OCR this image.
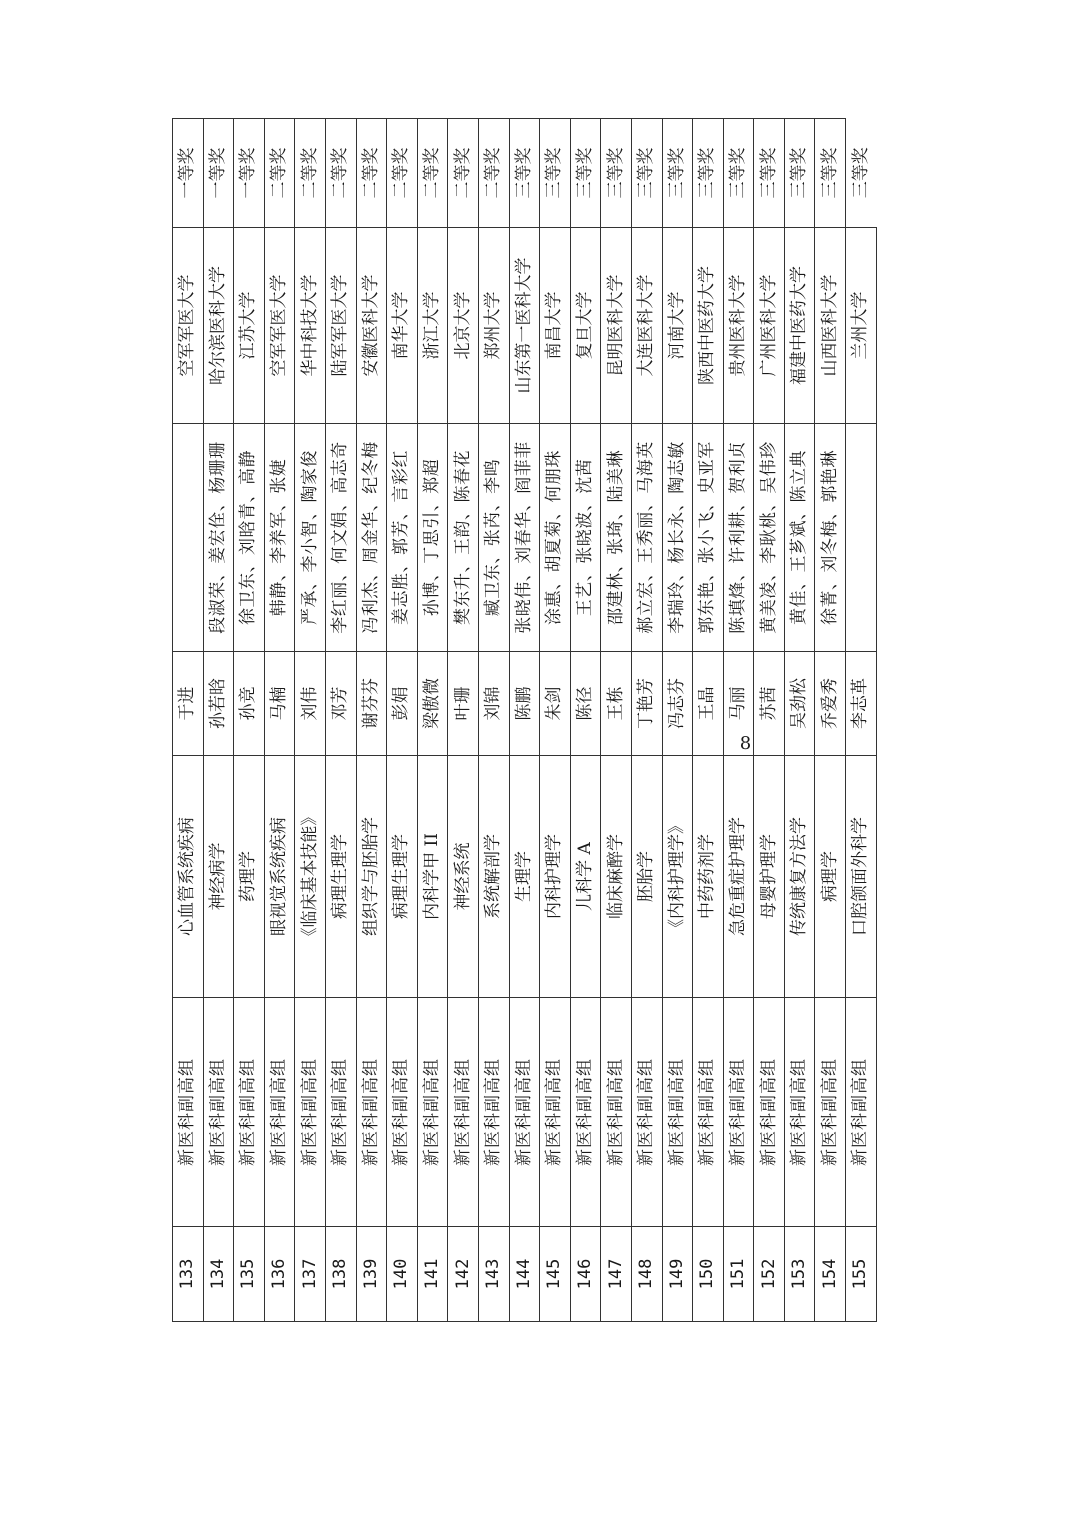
133	新医科副高组	心血管系统疾病	于进		空军军医大学	一等奖
134	新医科副高组	神经病学	孙若晗	段淑荣、姜宏佺、杨珊珊	哈尔滨医科大学	一等奖
135	新医科副高组	药理学	孙竞	徐卫东、刘晗青、高静	江苏大学	一等奖
136	新医科副高组	眼视觉系统疾病	马楠	韩静、李养军、张婕	空军军医大学	二等奖
137	新医科副高组	《临床基本技能》	刘伟	严承、李小智、陶家俊	华中科技大学	二等奖
138	新医科副高组	病理生理学	邓芳	李红丽、何文娟、高志奇	陆军军医大学	二等奖
139	新医科副高组	组织学与胚胎学	谢芬芬	冯利杰、周金华、纪冬梅	安徽医科大学	二等奖
140	新医科副高组	病理生理学	彭娟	姜志胜、郭芳、言彩红	南华大学	二等奖
141	新医科副高组	内科学甲 II	梁傲微	孙博、丁思引、郑超	浙江大学	二等奖
142	新医科副高组	神经系统	叶珊	樊东升、王韵、陈春花	北京大学	二等奖
143	新医科副高组	系统解剖学	刘锦	臧卫东、张芮、李鸣	郑州大学	二等奖
144	新医科副高组	生理学	陈鹏	张晓伟、刘春华、阎菲菲	山东第一医科大学	三等奖
145	新医科副高组	内科护理学	朱剑	涂惠、胡夏菊、何朋珠	南昌大学	三等奖
146	新医科副高组	儿科学 A	陈径	王艺、张晓波、沈茜	复旦大学	三等奖
147	新医科副高组	临床麻醉学	王栋	邵建林、张琦、陆美琳	昆明医科大学	三等奖
148	新医科副高组	胚胎学	丁艳芳	郝立宏、王秀丽、马海英	大连医科大学	三等奖
149	新医科副高组	《内科护理学》	冯志芬	李瑞玲、杨长永、陶志敏	河南大学	三等奖
150	新医科副高组	中药药剂学	王晶	郭东艳、张小飞、史亚军	陕西中医药大学	三等奖
151	新医科副高组	急危重症护理学	马丽	陈填烽、许利耕、贺利贞	贵州医科大学	三等奖
152	新医科副高组	母婴护理学	苏茜	黄美凌、李耿桃、吴伟珍	广州医科大学	三等奖
153	新医科副高组	传统康复方法学	吴劲松	黄佳、王芗斌、陈立典	福建中医药大学	三等奖
154	新医科副高组	病理学	乔爱秀	徐菁、刘冬梅、郭艳琳	山西医科大学	三等奖
155	新医科副高组	口腔颌面外科学	李志革		兰州大学	三等奖
8
